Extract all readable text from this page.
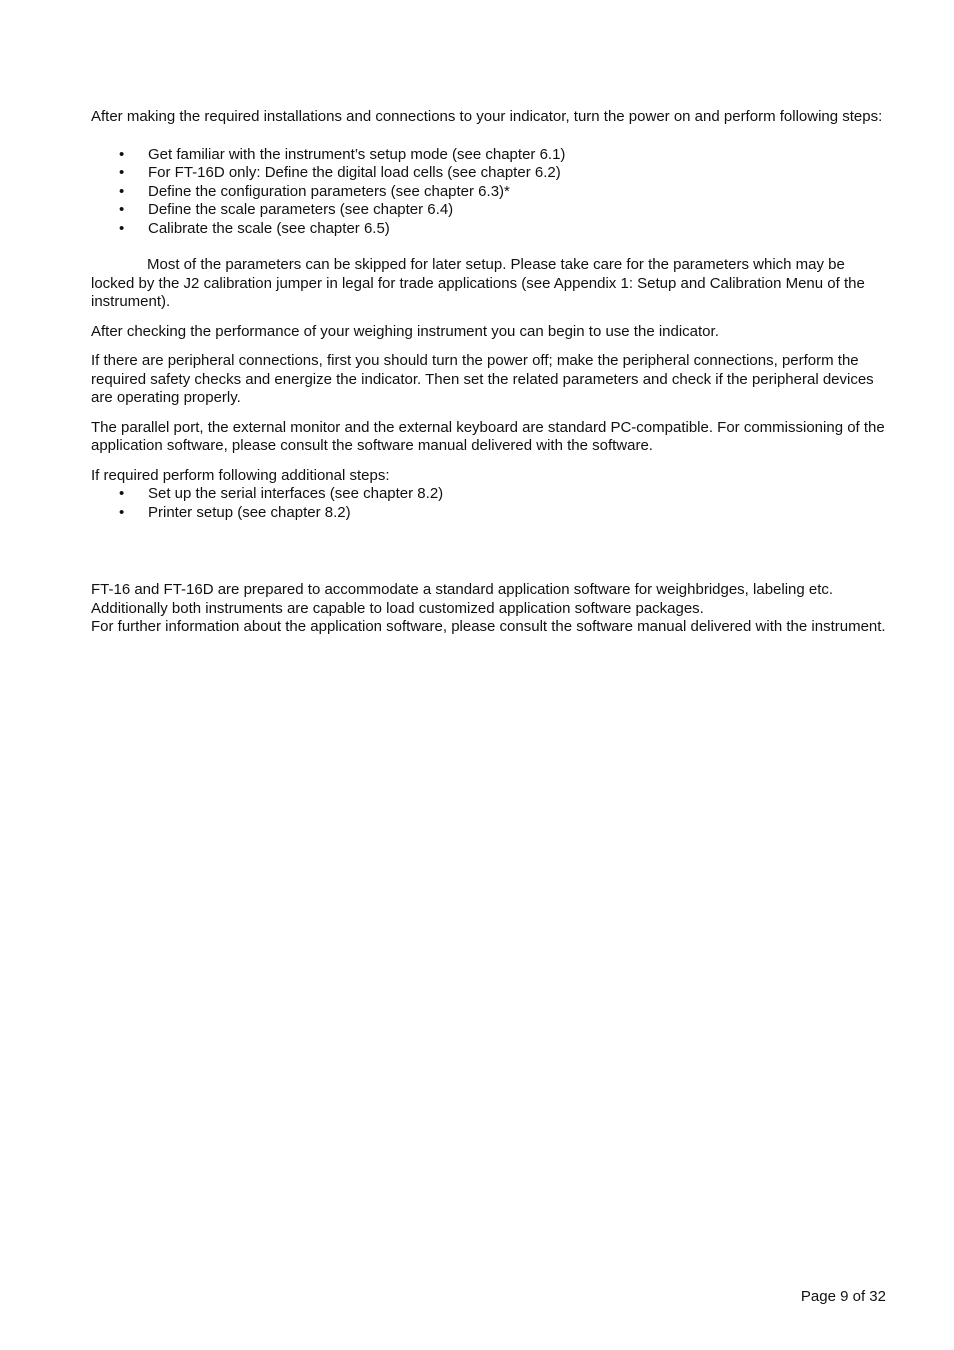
After making the required installations and connections to your indicator, turn the power on and perform following steps:

• Get familiar with the instrument’s setup mode (see chapter 6.1)
• For FT-16D only: Define the digital load cells (see chapter 6.2)
• Define the configuration parameters (see chapter 6.3)*
• Define the scale parameters (see chapter 6.4)
• Calibrate the scale (see chapter 6.5)

Most of the parameters can be skipped for later setup. Please take care for the parameters which may be locked by the J2 calibration jumper in legal for trade applications (see Appendix 1: Setup and Calibration Menu of the instrument).

After checking the performance of your weighing instrument you can begin to use the indicator.

If there are peripheral connections, first you should turn the power off; make the peripheral connections, perform the required safety checks and energize the indicator. Then set the related parameters and check if the peripheral devices are operating properly.

The parallel port, the external monitor and the external keyboard are standard PC-compatible. For commissioning of the application software, please consult the software manual delivered with the software.

If required perform following additional steps:

• Set up the serial interfaces (see chapter 8.2)
• Printer setup (see chapter 8.2)

FT-16 and FT-16D are prepared to accommodate a standard application software for weighbridges, labeling etc.

Additionally both instruments are capable to load customized application software packages.

For further information about the application software, please consult the software manual delivered with the instrument.

Page 9 of 32
